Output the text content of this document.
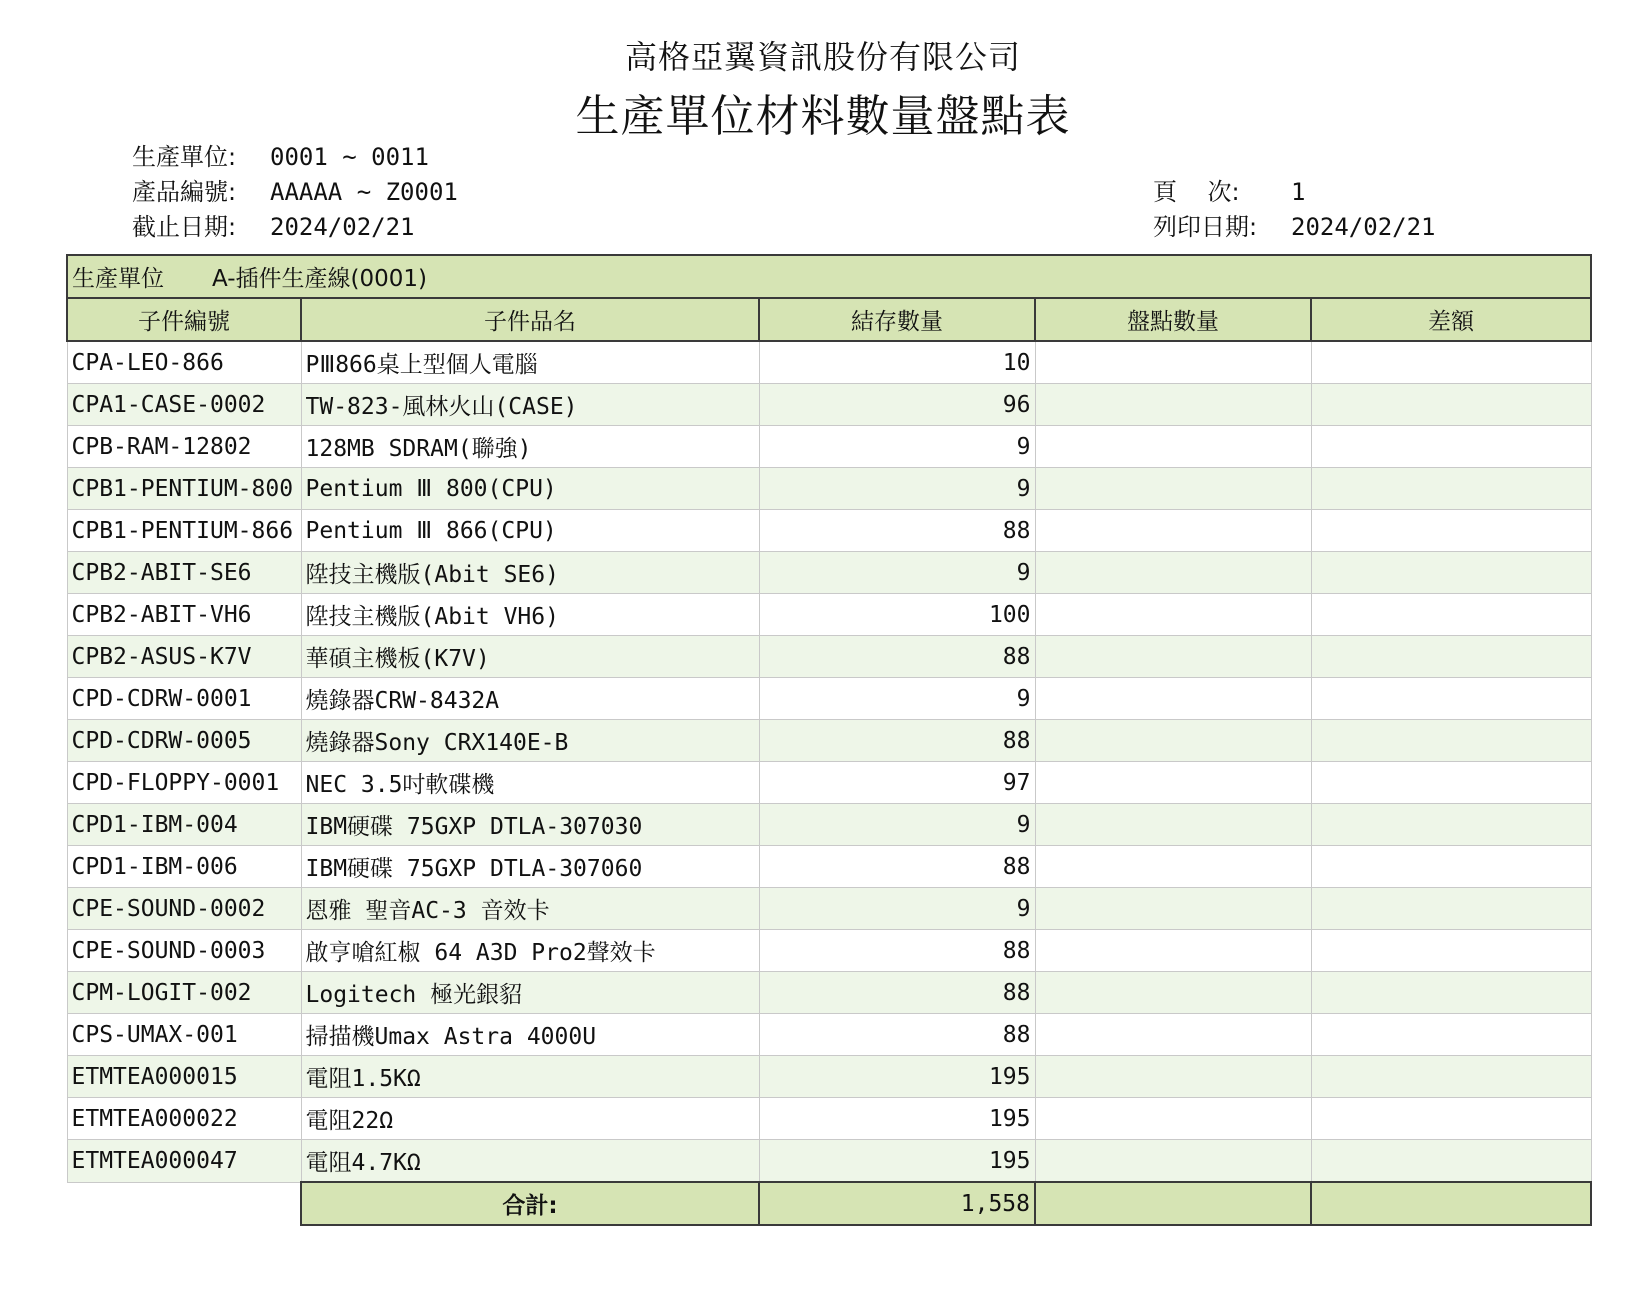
高格亞翼資訊股份有限公司
生產單位材料數量盤點表
生產單位: 0001 ~ 0011
產品編號: AAAAA ~ Z0001
截止日期: 2024/02/21
頁    次: 1
列印日期: 2024/02/21
生產單位 A-插件生產線(0001)				
子件編號	子件品名	結存數量	盤點數量	差額
CPA-LEO-866	PⅢ866桌上型個人電腦	10		
CPA1-CASE-0002	TW-823-風林火山(CASE)	96		
CPB-RAM-12802	128MB SDRAM(聯強)	9		
CPB1-PENTIUM-800	Pentium Ⅲ 800(CPU)	9		
CPB1-PENTIUM-866	Pentium Ⅲ 866(CPU)	88		
CPB2-ABIT-SE6	陞技主機版(Abit SE6)	9		
CPB2-ABIT-VH6	陞技主機版(Abit VH6)	100		
CPB2-ASUS-K7V	華碩主機板(K7V)	88		
CPD-CDRW-0001	燒錄器CRW-8432A	9		
CPD-CDRW-0005	燒錄器Sony CRX140E-B	88		
CPD-FLOPPY-0001	NEC 3.5吋軟碟機	97		
CPD1-IBM-004	IBM硬碟 75GXP DTLA-307030	9		
CPD1-IBM-006	IBM硬碟 75GXP DTLA-307060	88		
CPE-SOUND-0002	恩雅 聖音AC-3 音效卡	9		
CPE-SOUND-0003	啟亨嗆紅椒 64 A3D Pro2聲效卡	88		
CPM-LOGIT-002	Logitech 極光銀貂	88		
CPS-UMAX-001	掃描機Umax Astra 4000U	88		
ETMTEA000015	電阻1.5KΩ	195		
ETMTEA000022	電阻22Ω	195		
ETMTEA000047	電阻4.7KΩ	195		
	合計:	1,558		
